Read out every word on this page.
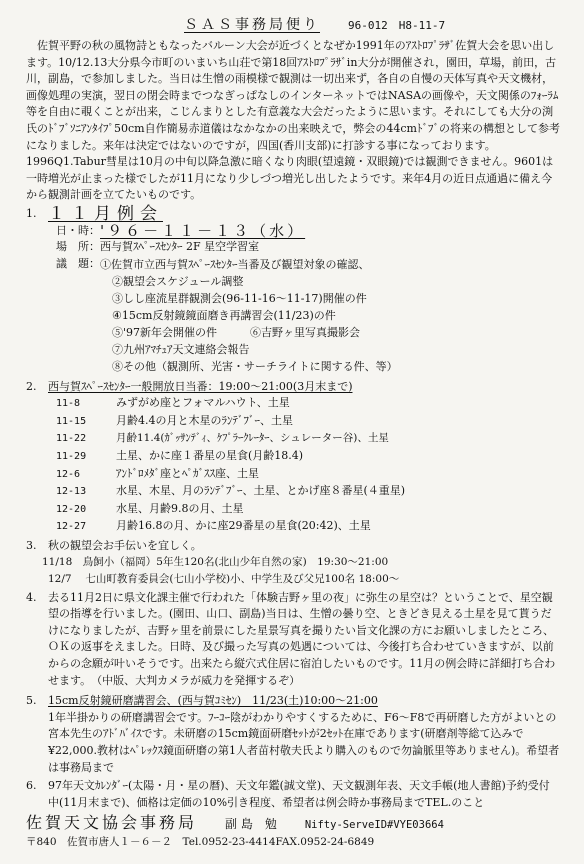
ＳＡＳ事務局便り	96-012　H8-11-7

佐賀平野の秋の風物詩ともなったバルーン大会が近づくとなぜか1991年のｱｽﾄﾛﾌﾟﾗｻﾞ佐賀大会を思い出します。10/12.13大分県今市町のいまいち山荘で第18回ｱｽﾄﾛﾌﾟﾗｻﾞin大分が開催され，園田，草場，前田，古川，副島，で参加しました。当日は生憎の雨模様で観測は一切出来ず，各自の自慢の天体写真や天文機材，画像処理の実演，翌日の閉会時までつなぎっぱなしのインターネットではNASAの画像や，天文関係のﾌｫｰﾗﾑ等を自由に覗くことが出来，こじんまりとした有意義な大会だったように思います。それにしても大分の渕氏のﾄﾞﾌﾞｿﾆｱﾝﾀｲﾌﾟ50cm自作簡易赤道儀はなかなかの出来映えで，弊会の44cmﾄﾞﾌﾞの将来の構想として参考になりました。来年は決定ではないのですが，四国(香川支部)に打診する事になっております。1996Q1.Tabur彗星は10月の中旬以降急激に暗くなり肉眼(望遠鏡・双眼鏡)では観測できません。9601は一時増光が止まった様でしたが11月になり少しづつ増光し出したようです。来年4月の近日点通過に備え今から観測計画を立てたいものです。

1. １１月例会
日・時： '９６－１１－１３（水）
場　所： 西与賀ｽﾍﾟｰｽｾﾝﾀｰ 2F 星空学習室
議　題： ①佐賀市立西与賀ｽﾍﾟｰｽｾﾝﾀｰ当番及び観望対象の確認、
②観望会スケジュール調整
③しし座流星群観測会(96-11-16～11-17)開催の件
④15cm反射鏡鏡面磨き再講習会(11/23)の件
⑤'97新年会開催の件　　　⑥吉野ヶ里写真撮影会
⑦九州ｱﾏﾁｭｱ天文連絡会報告
⑧その他（観測所、光害・サーチライトに関する件、等）
2.	西与賀ｽﾍﾟｰｽｾﾝﾀｰ一般開放日当番：19:00～21:00(3月末まで)
11-8	みずがめ座とフォマルハウト、土星
11-15	月齢4.4の月と木星のﾗﾝﾃﾞﾌﾞｰ、土星
11-22	月齢11.4(ｶﾞｯｻﾝﾃﾞｨ、ｹﾌﾟﾗｰｸﾚｰﾀｰ、シュレーター谷)、土星
11-29	土星、かに座１番星の星食(月齢18.4)
12-6	ｱﾝﾄﾞﾛﾒﾀﾞ座とﾍﾟｶﾞｽｽ座、土星
12-13	水星、木星、月のﾗﾝﾃﾞﾌﾞｰ、土星、とかげ座８番星(４重星)
12-20	水星、月齢9.8の月、土星
12-27	月齢16.8の月、かに座29番星の星食(20:42)、土星
3.	秋の観望会お手伝いを宜しく。
11/18　鳥飼小（福岡）5年生120名(北山少年自然の家)　19:30～21:00
12/7　 七山町教育委員会(七山小学校)小、中学生及び父兄100名 18:00～
4.	去る11月2日に県文化課主催で行われた「体験吉野ヶ里の夜」に弥生の星空は？ということで、星空観望の指導を行いました。(園田、山口、副島)当日は、生憎の曇り空、ときどき見える土星を見て貰うだけになりましたが、吉野ヶ里を前景にした星景写真を撮りたい旨文化課の方にお願いしましたところ、ＯＫの返事をえました。日時、及び撮った写真の処遇については、今後打ち合わせていきますが、以前からの念願が叶いそうです。出来たら縦穴式住居に宿泊したいものです。11月の例会時に詳細打ち合わせます。　（中版、大判カメラが威力を発揮するぞ）
5.	15cm反射鏡研磨講習会、(西与賀ｺﾐｾﾝ)　11/23(土)10:00～21:00
1年半掛かりの研磨講習会です。ﾌｰｺｰ陰がわかりやすくするために、F6～F8で再研磨した方がよいとの宮本先生のｱﾄﾞﾊﾞｲｽです。未研磨の15cm鏡面研磨ｾｯﾄが2ｾｯﾄ在庫であります(研磨剤等総て込みで¥22,000.教材はﾍﾟﾚｯｸｽ鏡面研磨の第1人者苗村敬夫氏より購入のもので勿論脈里等ありません)。希望者は事務局まで
6.	97年天文ｶﾚﾝﾀﾞｰ(太陽・月・星の暦)、天文年鑑(誠文堂)、天文観測年表、天文手帳(地人書館)予約受付中(11月末まで)、価格は定価の10%引き程度、希望者は例会時か事務局までTEL.のこと
佐賀天文協会事務局 副 島　勉	Nifty-ServeID#VYE03664
〒840　佐賀市唐人１－６－２　Tel.0952-23-4414FAX.0952-24-6849
